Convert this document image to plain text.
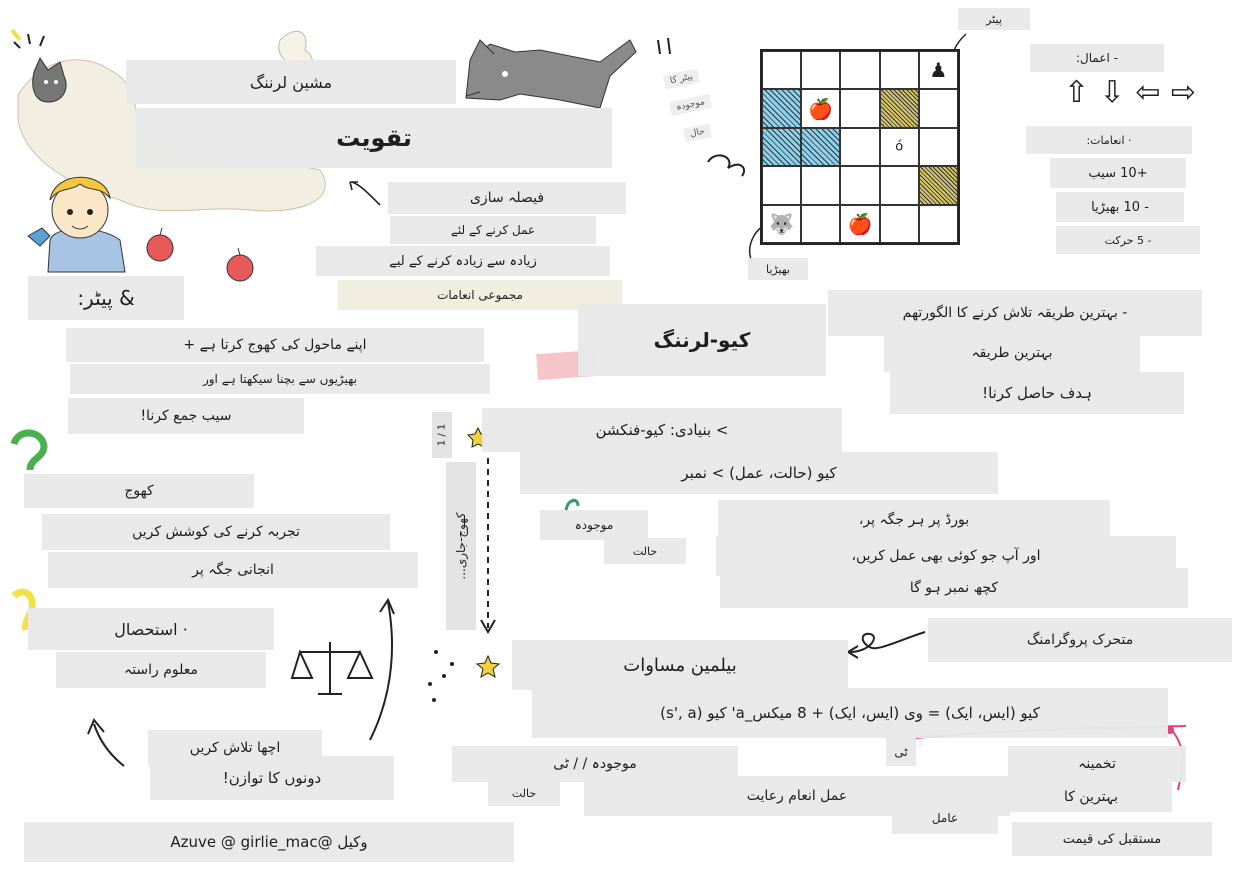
مشین لرننگ
تقویت
فیصلہ سازی
عمل کرنے کے لئے
زیادہ سے زیادہ کرنے کے لیے
مجموعی انعامات
& پیٹر:
اپنے ماحول کی کھوج کرتا ہے +
بھیڑیوں سے بچنا سیکھتا ہے اور
سیب جمع کرنا!
کھوج
تجربہ کرنے کی کوشش کریں
انجانی جگہ پر
· استحصال
معلوم راستہ
اچھا تلاش کریں
دونوں کا توازن!
وکیل @Azuve @ girlie_mac
پیٹر
بھیڑیا
پیٹر کا
موجودہ
حال
♟
🍎
ó
🐺	🍎
- اعمال:
⇧ ⇩ ⇦ ⇨
· انعامات:
+10 سیب
- 10 بھیڑیا
- 5 حرکت
کیو-لرننگ
- بہترین طریقہ تلاش کرنے کا الگورتھم
بہترین طریقہ
ہدف حاصل کرنا!
> بنیادی: کیو-فنکشن
کیو (حالت، عمل) > نمبر
موجودہ
حالت
بورڈ پر ہر جگہ پر،
اور آپ جو کوئی بھی عمل کریں،
کچھ نمبر ہو گا
کھوج-جاری...
1 / 1
متحرک پروگرامنگ
بیلمین مساوات
کیو (ایس، ایک) = وی (ایس، ایک) + 8 میکس_a' کیو (s', a)
موجودہ / / ٹی
حالت
ٹی
عمل انعام رعایت
عامل
تخمینہ
بہترین کا
مستقبل کی قیمت
